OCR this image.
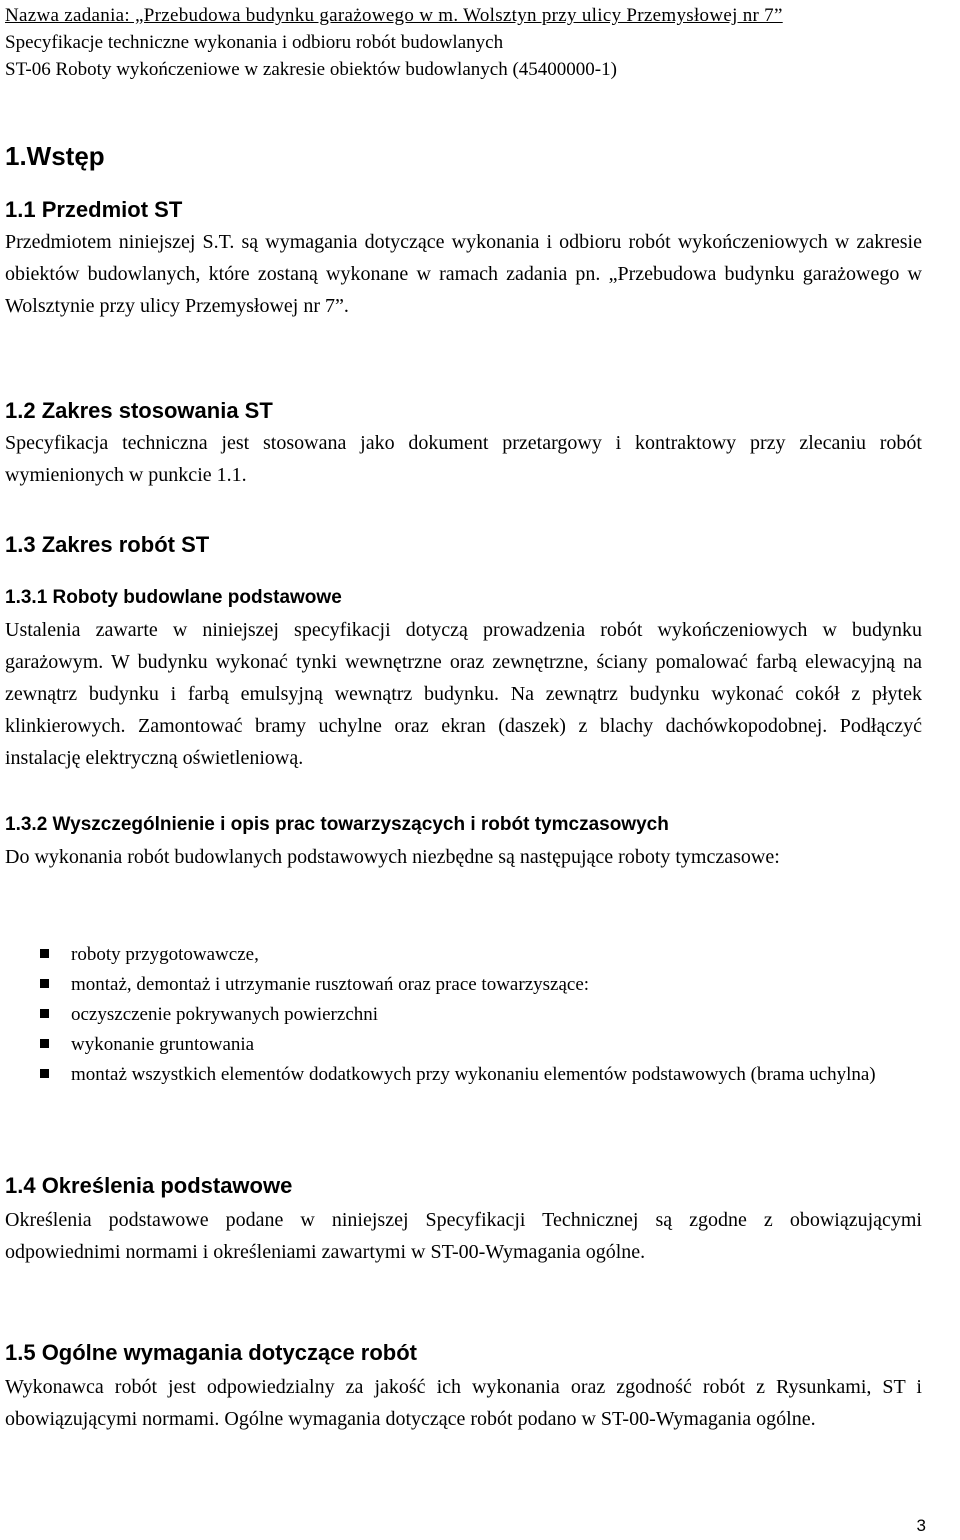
Nazwa zadania: „Przebudowa budynku garażowego w m. Wolsztyn przy ulicy Przemysłowej nr 7”
Specyfikacje techniczne wykonania i odbioru robót budowlanych
ST-06 Roboty wykończeniowe w zakresie obiektów budowlanych (45400000-1)
1.Wstęp
1.1 Przedmiot ST

Przedmiotem niniejszej S.T. są wymagania dotyczące wykonania i odbioru robót wykończeniowych w zakresie obiektów budowlanych, które zostaną wykonane w ramach zadania pn. „Przebudowa budynku garażowego w Wolsztynie przy ulicy Przemysłowej nr 7”.

1.2 Zakres stosowania ST

Specyfikacja techniczna jest stosowana jako dokument przetargowy i kontraktowy przy zlecaniu robót wymienionych w punkcie 1.1.

1.3 Zakres robót ST
1.3.1 Roboty budowlane podstawowe

Ustalenia zawarte w niniejszej specyfikacji dotyczą prowadzenia robót wykończeniowych w budynku garażowym. W budynku wykonać tynki wewnętrzne oraz zewnętrzne, ściany pomalować farbą elewacyjną na zewnątrz budynku i farbą emulsyjną wewnątrz budynku. Na zewnątrz budynku wykonać cokół z płytek klinkierowych. Zamontować bramy uchylne oraz ekran (daszek) z blachy dachówkopodobnej. Podłączyć instalację elektryczną oświetleniową.

1.3.2 Wyszczególnienie i opis prac towarzyszących i robót tymczasowych

Do wykonania robót budowlanych podstawowych niezbędne są następujące roboty tymczasowe:

roboty przygotowawcze,
montaż, demontaż i utrzymanie rusztowań oraz prace towarzyszące:
oczyszczenie pokrywanych powierzchni
wykonanie gruntowania
montaż wszystkich elementów dodatkowych przy wykonaniu elementów podstawowych (brama uchylna)
1.4 Określenia podstawowe

Określenia podstawowe podane w niniejszej Specyfikacji Technicznej są zgodne z obowiązującymi odpowiednimi normami i określeniami zawartymi w ST-00-Wymagania ogólne.

1.5 Ogólne wymagania dotyczące robót

Wykonawca robót jest odpowiedzialny za jakość ich wykonania oraz zgodność robót z Rysunkami, ST i obowiązującymi normami. Ogólne wymagania dotyczące robót podano w ST-00-Wymagania ogólne.

3
